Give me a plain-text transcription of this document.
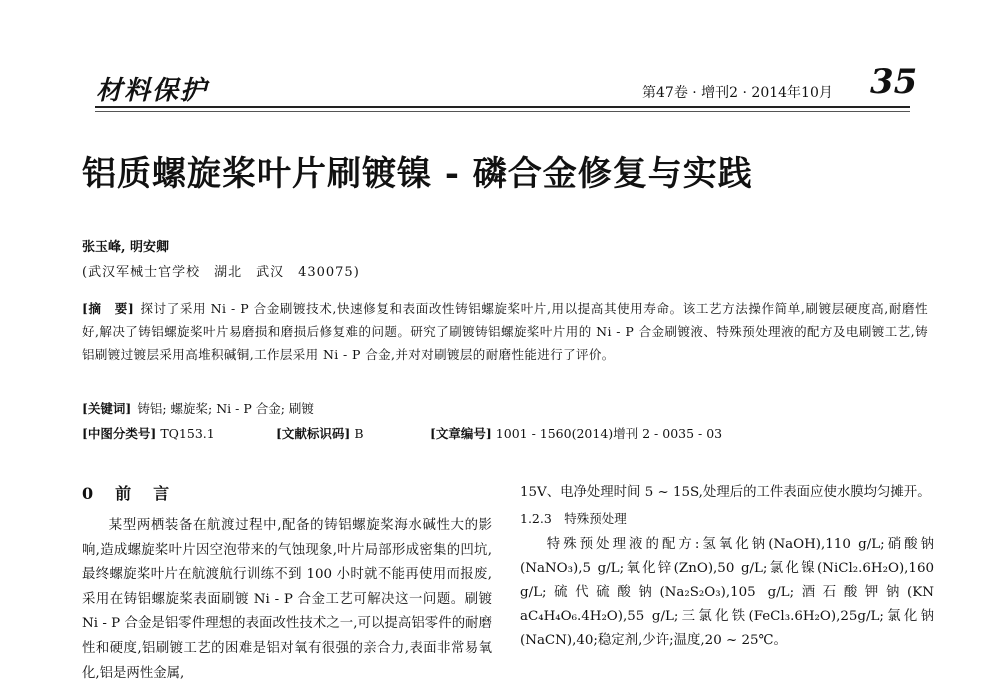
材料保护	第47卷 · 增刊2 · 2014年10月 35
铝质螺旋桨叶片刷镀镍 - 磷合金修复与实践
张玉峰, 明安卿
(武汉军械士官学校　湖北　武汉　430075)
[摘　要] 探讨了采用 Ni - P 合金刷镀技术,快速修复和表面改性铸铝螺旋桨叶片,用以提高其使用寿命。该工艺方法操作简单,刷镀层硬度高,耐磨性好,解决了铸铝螺旋桨叶片易磨损和磨损后修复难的问题。研究了刷镀铸铝螺旋桨叶片用的 Ni - P 合金刷镀液、特殊预处理液的配方及电刷镀工艺,铸铝刷镀过镀层采用高堆积碱铜,工作层采用 Ni - P 合金,并对对刷镀层的耐磨性能进行了评价。
[关键词] 铸铝; 螺旋桨; Ni - P 合金; 刷镀
[中图分类号] TQ153.1	[文献标识码] B	[文章编号] 1001 - 1560(2014)增刊 2 - 0035 - 03
0　前　言

某型两栖装备在航渡过程中,配备的铸铝螺旋桨海水碱性大的影响,造成螺旋桨叶片因空泡带来的气蚀现象,叶片局部形成密集的凹坑,最终螺旋桨叶片在航渡航行训练不到 100 小时就不能再使用而报废,采用在铸铝螺旋桨表面刷镀 Ni - P 合金工艺可解决这一问题。刷镀 Ni - P 合金是铝零件理想的表面改性技术之一,可以提高铝零件的耐磨性和硬度,铝刷镀工艺的困难是铝对氧有很强的亲合力,表面非常易氧化,铝是两性金属,

15V、电净处理时间 5 ~ 15S,处理后的工件表面应使水膜均匀摊开。

1.2.3　特殊预处理

特殊预处理液的配方:氢氧化钠(NaOH),110 g/L;硝酸钠(NaNO₃),5 g/L;氧化锌(ZnO),50 g/L;氯化镍(NiCl₂.6H₂O),160 g/L;硫代硫酸钠(Na₂S₂O₃),105 g/L;酒石酸钾钠(KN aC₄H₄O₆.4H₂O),55 g/L;三氯化铁(FeCl₃.6H₂O),25g/L;氯化钠(NaCN),40;稳定剂,少许;温度,20 ~ 25℃。
